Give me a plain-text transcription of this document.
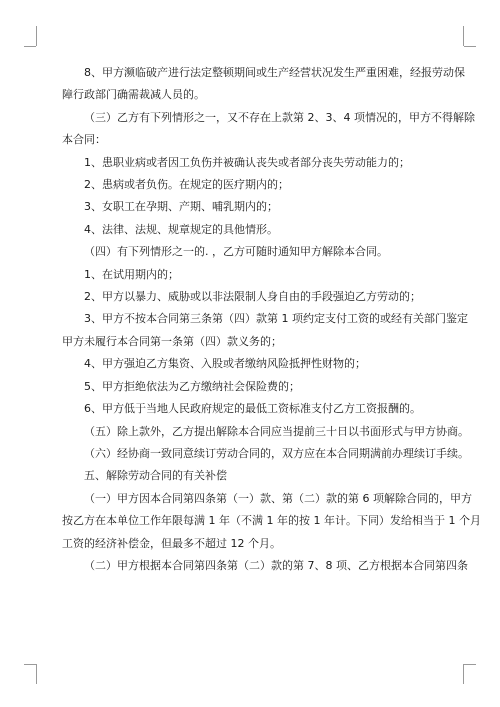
8、甲方濒临破产进行法定整顿期间或生产经营状况发生严重困难，经报劳动保
障行政部门确需裁减人员的。
（三）乙方有下列情形之一，又不存在上款第 2、3、4 项情况的，甲方不得解除
本合同：
1、患职业病或者因工负伤并被确认丧失或者部分丧失劳动能力的；
2、患病或者负伤。在规定的医疗期内的；
3、女职工在孕期、产期、哺乳期内的；
4、法律、法规、规章规定的具他情形。
（四）有下列情形之一的. ，乙方可随时通知甲方解除本合同。
1、在试用期内的；
2、甲方以暴力、威胁或以非法限制人身自由的手段强迫乙方劳动的；
3、甲方不按本合同第三条第（四）款第 1 项约定支付工资的或经有关部门鉴定
甲方未履行本合同第一条第（四）款义务的；
4、甲方强迫乙方集资、入股或者缴纳风险抵押性财物的；
5、甲方拒绝依法为乙方缴纳社会保险费的；
6、甲方低于当地人民政府规定的最低工资标准支付乙方工资报酬的。
（五）除上款外，乙方提出解除本合同应当提前三十日以书面形式与甲方协商。
（六）经协商一致同意续订劳动合同的，双方应在本合同期满前办理续订手续。
五、解除劳动合同的有关补偿
（一）甲方因本合同第四条第（一）款、第（二）款的第 6 项解除合同的，甲方
按乙方在本单位工作年限每满 1 年（不满 1 年的按 1 年计。下同）发给相当于 1 个月
工资的经济补偿金，但最多不超过 12 个月。
（二）甲方根据本合同第四条第（二）款的第 7、8 项、乙方根据本合同第四条
